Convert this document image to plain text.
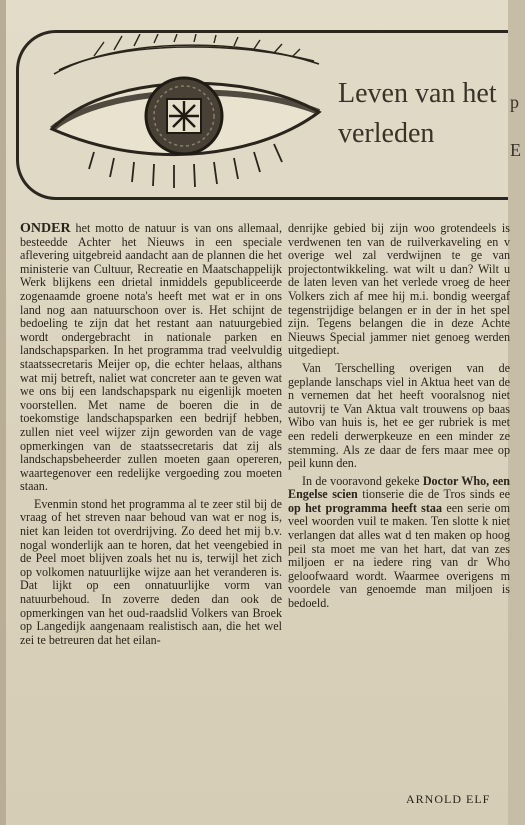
Leven van het
verleden
p
E

ONDER het motto de natuur is van ons allemaal, besteedde Achter het Nieuws in een speciale aflevering uitgebreid aandacht aan de plannen die het ministerie van Cultuur, Recreatie en Maatschappelijk Werk blijkens een drietal inmiddels gepubliceerde zogenaamde groene nota's heeft met wat er in ons land nog aan natuurschoon over is. Het schijnt de bedoeling te zijn dat het restant aan natuurgebied wordt ondergebracht in nationale parken en landschapsparken. In het programma trad veelvuldig staatssecretaris Meijer op, die echter helaas, althans wat mij betreft, naliet wat concreter aan te geven wat we ons bij een landschapspark nu eigenlijk moeten voorstellen. Met name de boeren die in de toekomstige landschapsparken een bedrijf hebben, zullen niet veel wijzer zijn geworden van de vage opmerkingen van de staatssecretaris dat zij als landschapsbeheerder zullen moeten gaan opereren, waartegenover een redelijke vergoeding zou moeten staan.

Evenmin stond het programma al te zeer stil bij de vraag of het streven naar behoud van wat er nog is, niet kan leiden tot overdrijving. Zo deed het mij b.v. nogal wonderlijk aan te horen, dat het veengebied in de Peel moet blijven zoals het nu is, terwijl het zich op volkomen natuurlijke wijze aan het veranderen is. Dat lijkt op een onnatuurlijke vorm van natuurbehoud. In zoverre deden dan ook de opmerkingen van het oud-raadslid Volkers van Broek op Langedijk aangenaam realistisch aan, die het wel zei te betreuren dat het eilan-

denrijke gebied bij zijn woo grotendeels is verdwenen ten van de ruilverkaveling en v overige wel zal verdwijnen te ge van projectontwikkeling. wat wilt u dan? Wilt u de laten leven van het verlede vroeg de heer Volkers zich af mee hij m.i. bondig weergaf tegenstrijdige belangen er in der in het spel zijn. Tegens belangen die in deze Achte Nieuws Special jammer niet genoeg werden uitgediept.

Van Terschelling overigen van de geplande lanschaps viel in Aktua heet van de n vernemen dat het heeft vooralsnog niet autovrij te Van Aktua valt trouwens op baas Wibo van huis is, het ee ger rubriek is met een redeli derwerpkeuze en een minder ze stemming. Als ze daar de fers maar mee op peil kunn den.

In de vooravond gekeke Doctor Who, een Engelse scien tionserie die de Tros sinds ee op het programma heeft staa een serie om veel woorden vuil te maken. Ten slotte k niet verlangen dat alles wat d ten maken op hoog peil sta moet me van het hart, dat van zes miljoen er na iedere ring van dr Who geloofwaard wordt. Waarmee overigens m voordele van genoemde man miljoen is bedoeld.

ARNOLD ELF
